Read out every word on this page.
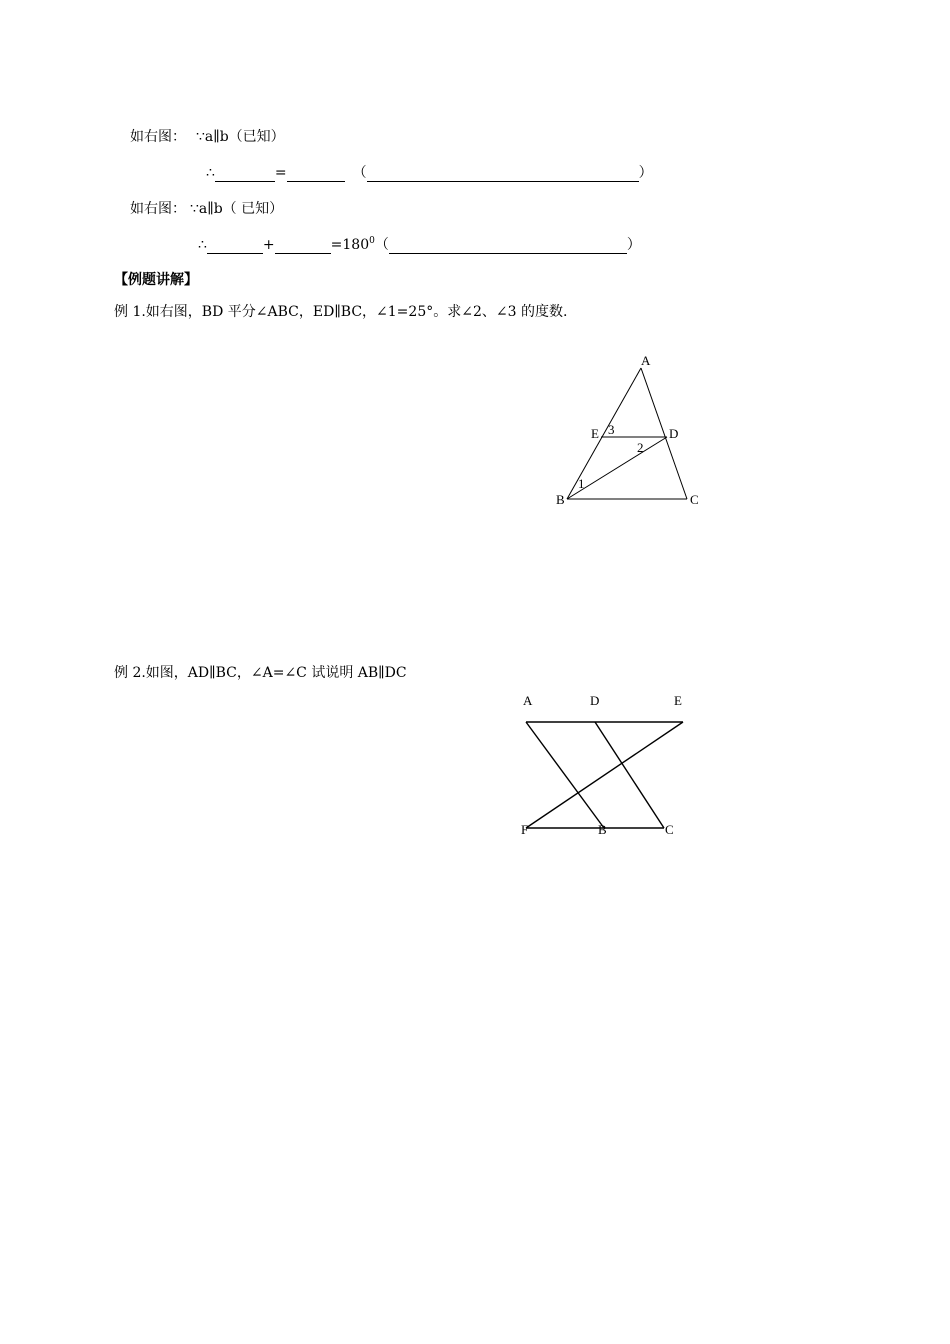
如右图： ∵a∥b（已知）
∴	=	（	）
如右图： ∵a∥b（ 已知）
∴	+	$=180^0$ （	）
【例题讲解】
例 1.如右图，BD 平分∠ABC，ED∥BC，∠1=25°。求∠2、∠3 的度数.
A
E	D
B	C
3
2
1
A	D	E
F	B	C
例 2.如图，AD∥BC，∠A=∠C 试说明 AB∥DC
